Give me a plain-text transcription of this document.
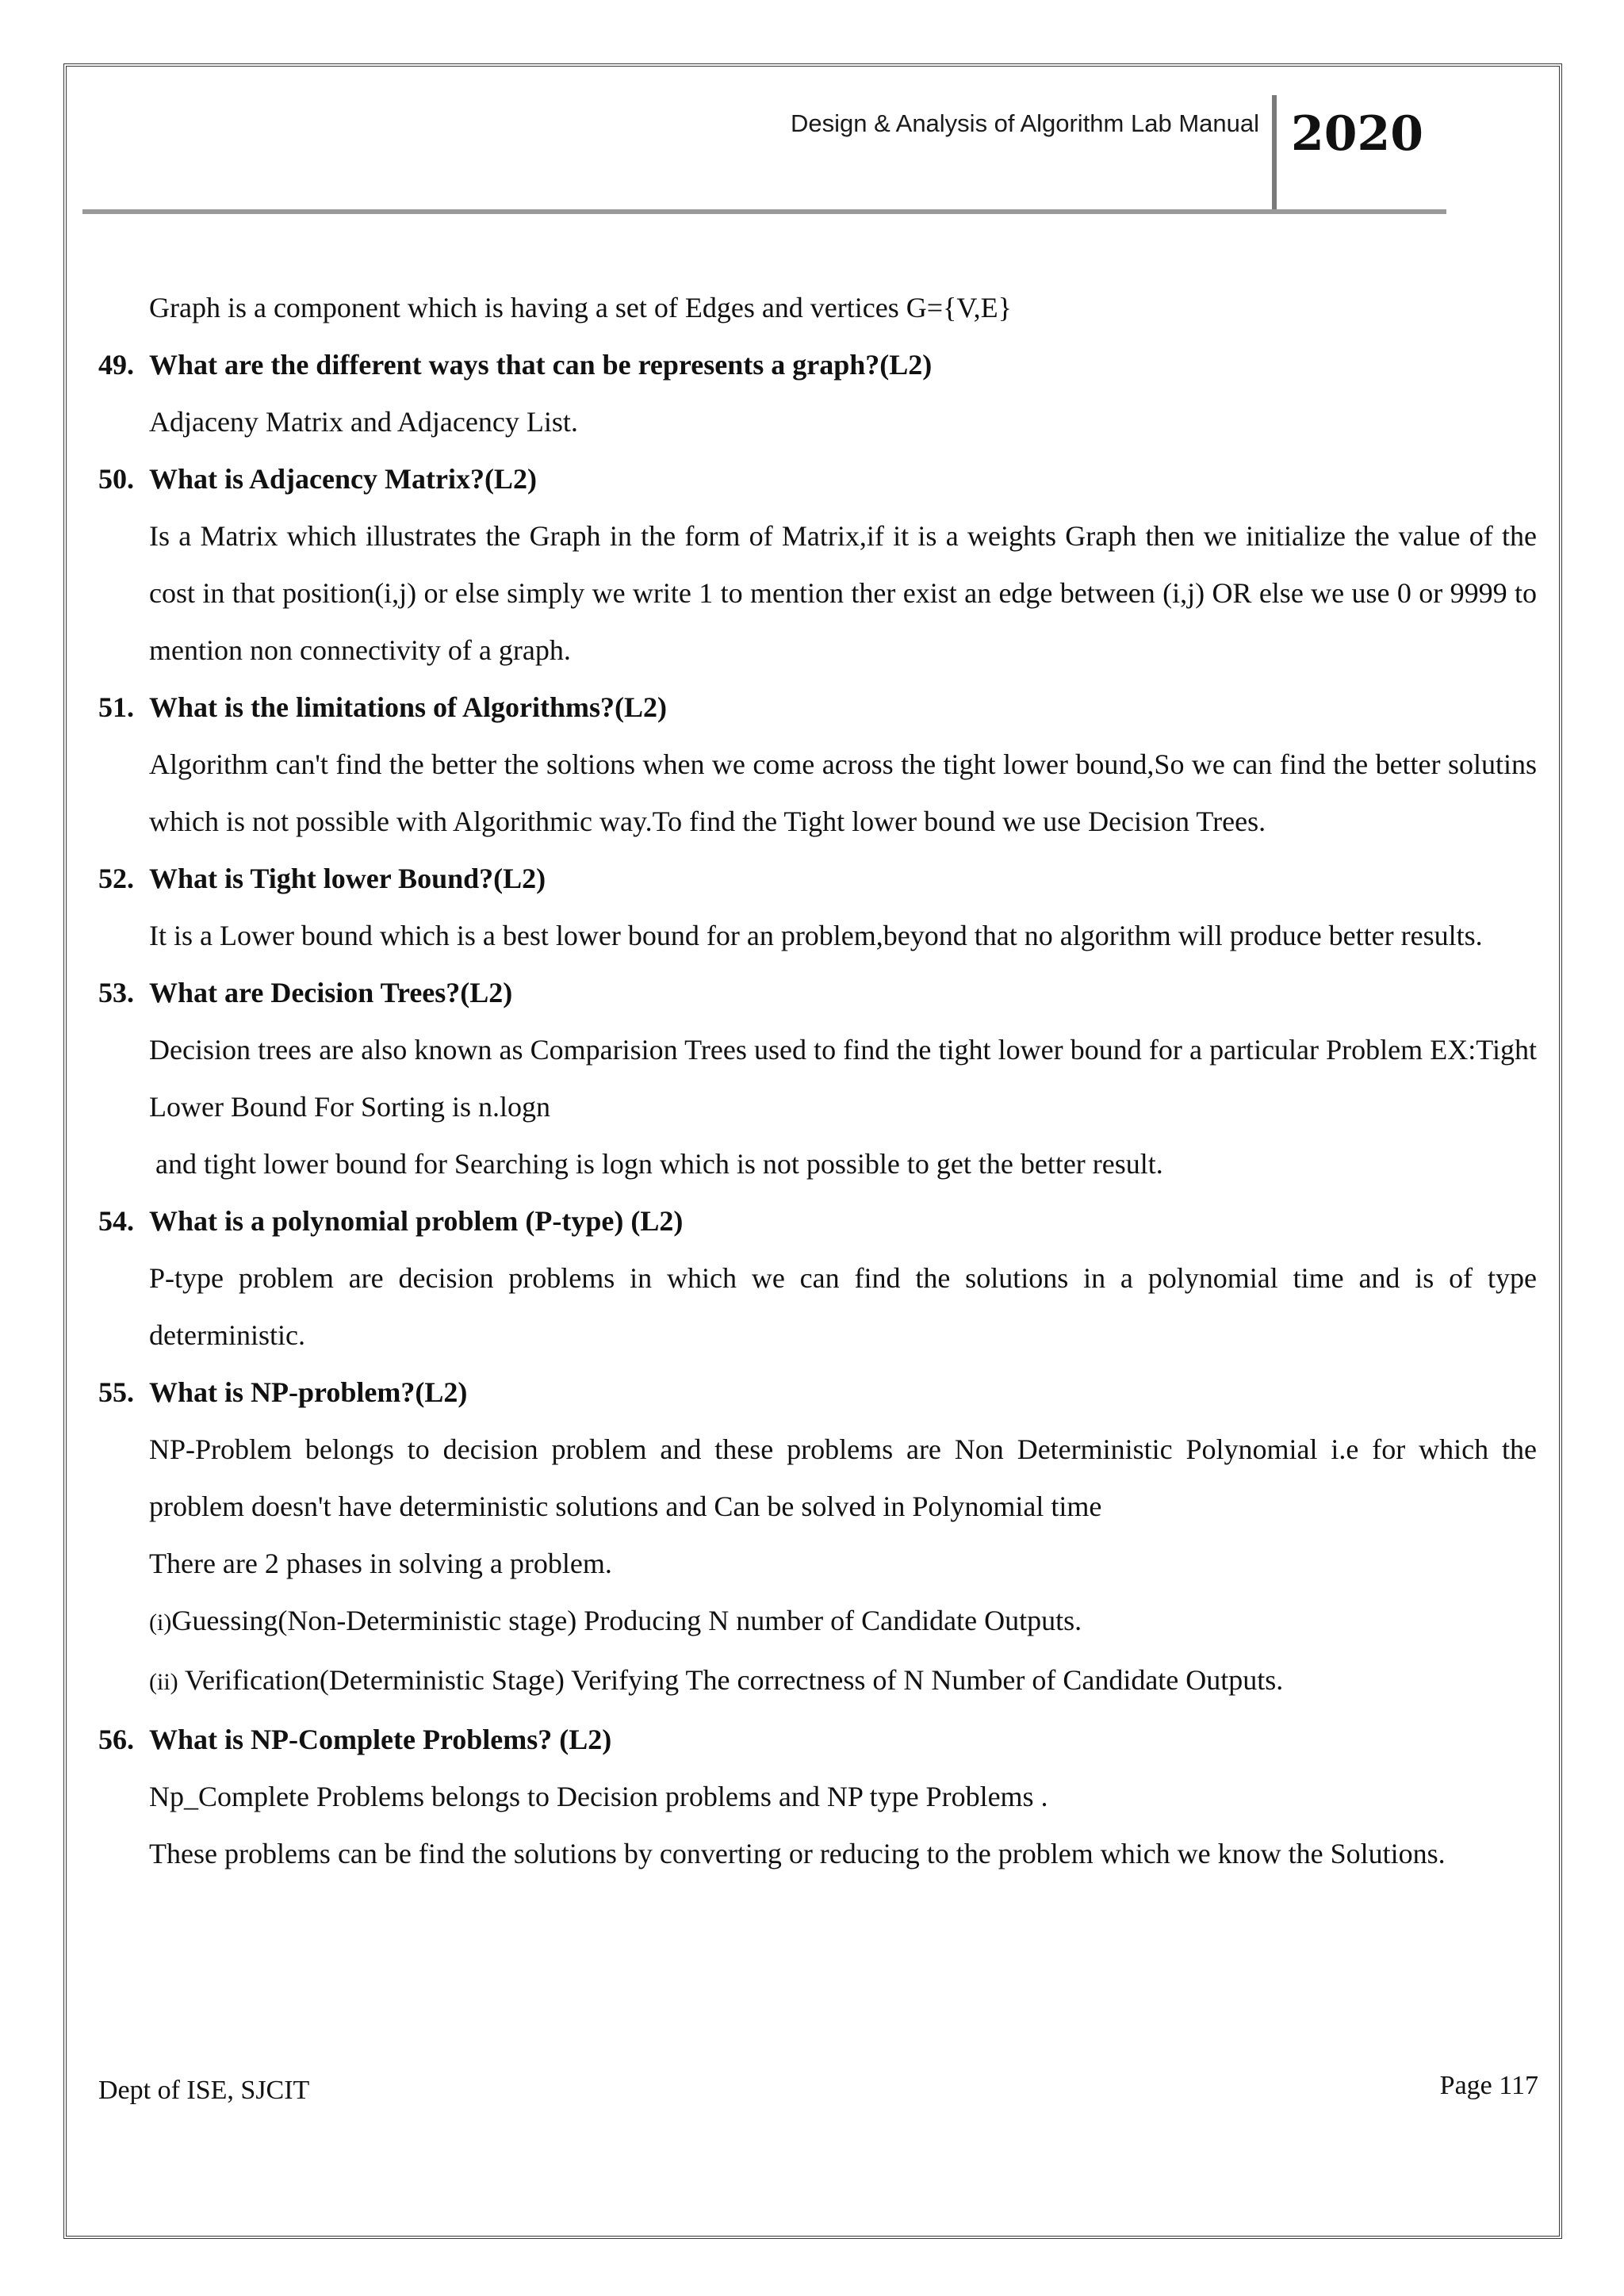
Design & Analysis of Algorithm Lab Manual 2020

Graph is a component which is having a set of Edges and vertices G={V,E}

49. What are the different ways that can be represents a graph?(L2)

Adjaceny Matrix and Adjacency List.

50. What is Adjacency Matrix?(L2)

Is a Matrix which illustrates the Graph in the form of Matrix,if it is a weights Graph then we initialize the value of the cost in that position(i,j) or else simply we write 1 to mention ther exist an edge between (i,j) OR else we use 0 or 9999 to mention non connectivity of a graph.

51. What is the limitations of Algorithms?(L2)

Algorithm can't find the better the soltions when we come across the tight lower bound,So we can find the better solutins which is not possible with Algorithmic way.To find the Tight lower bound we use Decision Trees.

52. What is Tight lower Bound?(L2)

It is a Lower bound which is a best lower bound for an problem,beyond that no algorithm will produce better results.

53. What are Decision Trees?(L2)

Decision trees are also known as Comparision Trees used to find the tight lower bound for a particular Problem EX:Tight Lower Bound For Sorting is n.logn

and tight lower bound for Searching is logn which is not possible to get the better result.

54. What is a polynomial problem (P-type) (L2)

P-type problem are decision problems in which we can find the solutions in a polynomial time and is of type deterministic.

55. What is NP-problem?(L2)

NP-Problem belongs to decision problem and these problems are Non Deterministic Polynomial i.e for which the problem doesn't have deterministic solutions and Can be solved in Polynomial time

There are 2 phases in solving a problem.

(i)Guessing(Non-Deterministic stage) Producing N number of Candidate Outputs.

(ii) Verification(Deterministic Stage) Verifying The correctness of N Number of Candidate Outputs.

56. What is NP-Complete Problems? (L2)

Np_Complete Problems belongs to Decision problems and NP type Problems .

These problems can be find the solutions by converting or reducing to the problem which we know the Solutions.

Dept of ISE, SJCIT	Page 117
